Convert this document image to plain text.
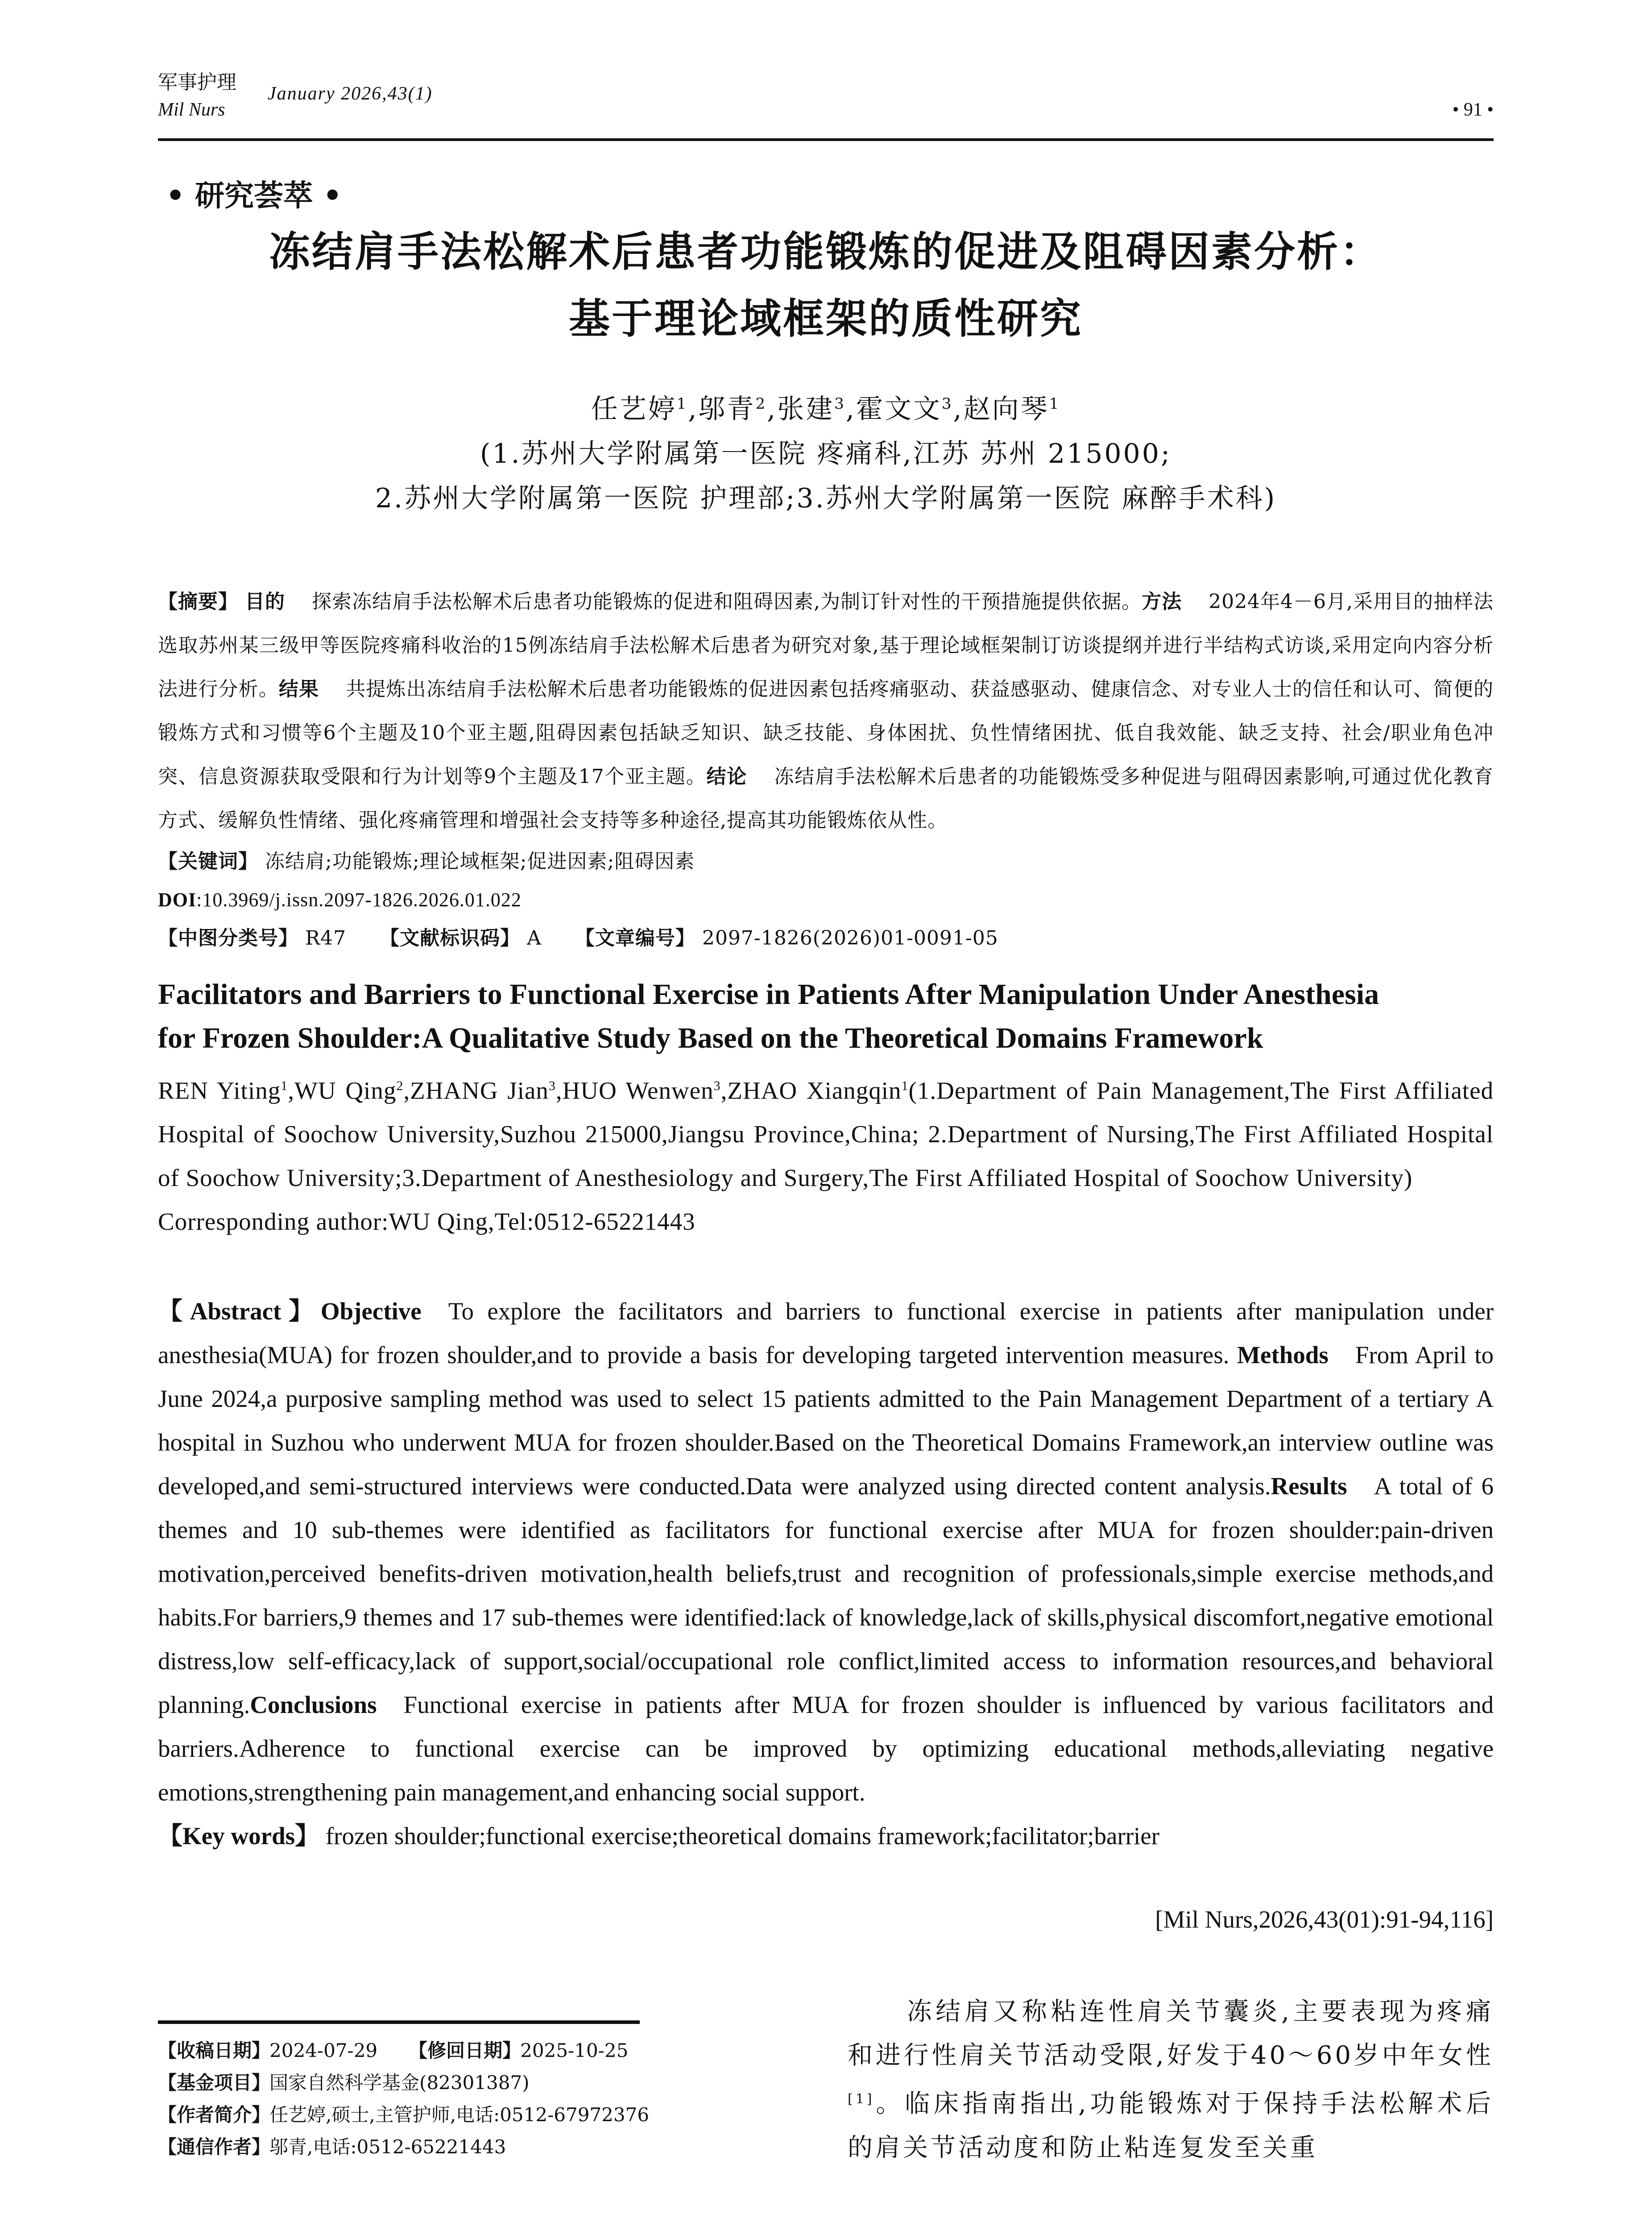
军事护理 January 2026,43(1)
Mil Nurs	• 91 •
• 研究荟萃 •
冻结肩手法松解术后患者功能锻炼的促进及阻碍因素分析：
基于理论域框架的质性研究
任艺婷$^1$,邬青$^2$,张建$^3$,霍文文$^3$,赵向琴$^1$
(1.苏州大学附属第一医院 疼痛科,江苏 苏州 215000;
2.苏州大学附属第一医院 护理部;3.苏州大学附属第一医院 麻醉手术科)
【摘要】 目的 探索冻结肩手法松解术后患者功能锻炼的促进和阻碍因素,为制订针对性的干预措施提供依据。方法 2024年4－6月,采用目的抽样法选取苏州某三级甲等医院疼痛科收治的15例冻结肩手法松解术后患者为研究对象,基于理论域框架制订访谈提纲并进行半结构式访谈,采用定向内容分析法进行分析。结果 共提炼出冻结肩手法松解术后患者功能锻炼的促进因素包括疼痛驱动、获益感驱动、健康信念、对专业人士的信任和认可、简便的锻炼方式和习惯等6个主题及10个亚主题,阻碍因素包括缺乏知识、缺乏技能、身体困扰、负性情绪困扰、低自我效能、缺乏支持、社会/职业角色冲突、信息资源获取受限和行为计划等9个主题及17个亚主题。结论 冻结肩手法松解术后患者的功能锻炼受多种促进与阻碍因素影响,可通过优化教育方式、缓解负性情绪、强化疼痛管理和增强社会支持等多种途径,提高其功能锻炼依从性。
【关键词】 冻结肩;功能锻炼;理论域框架;促进因素;阻碍因素
DOI:10.3969/j.issn.2097-1826.2026.01.022
【中图分类号】 R47 【文献标识码】 A 【文章编号】 2097-1826(2026)01-0091-05
Facilitators and Barriers to Functional Exercise in Patients After Manipulation Under Anesthesia
for Frozen Shoulder:A Qualitative Study Based on the Theoretical Domains Framework
REN Yiting$^1$,WU Qing$^2$,ZHANG Jian$^3$,HUO Wenwen$^3$,ZHAO Xiangqin$^1$(1.Department of Pain Management,The First Affiliated Hospital of Soochow University,Suzhou 215000,Jiangsu Province,China; 2.Department of Nursing,The First Affiliated Hospital of Soochow University;3.Department of Anesthesiology and Surgery,The First Affiliated Hospital of Soochow University)
Corresponding author:WU Qing,Tel:0512-65221443
【Abstract】Objective To explore the facilitators and barriers to functional exercise in patients after manipulation under anesthesia(MUA) for frozen shoulder,and to provide a basis for developing targeted intervention measures. Methods From April to June 2024,a purposive sampling method was used to select 15 patients admitted to the Pain Management Department of a tertiary A hospital in Suzhou who underwent MUA for frozen shoulder.Based on the Theoretical Domains Framework,an interview outline was developed,and semi-structured interviews were conducted.Data were analyzed using directed content analysis.Results A total of 6 themes and 10 sub-themes were identified as facilitators for functional exercise after MUA for frozen shoulder:pain-driven motivation,perceived benefits-driven motivation,health beliefs,trust and recognition of professionals,simple exercise methods,and habits.For barriers,9 themes and 17 sub-themes were identified:lack of knowledge,lack of skills,physical discomfort,negative emotional distress,low self-efficacy,lack of support,social/occupational role conflict,limited access to information resources,and behavioral planning.Conclusions Functional exercise in patients after MUA for frozen shoulder is influenced by various facilitators and barriers.Adherence to functional exercise can be improved by optimizing educational methods,alleviating negative emotions,strengthening pain management,and enhancing social support.
【Key words】 frozen shoulder;functional exercise;theoretical domains framework;facilitator;barrier
[Mil Nurs,2026,43(01):91-94,116]
【收稿日期】2024-07-29 【修回日期】2025-10-25
【基金项目】国家自然科学基金(82301387)
【作者简介】任艺婷,硕士,主管护师,电话:0512-67972376
【通信作者】邬青,电话:0512-65221443
冻结肩又称粘连性肩关节囊炎,主要表现为疼痛和进行性肩关节活动受限,好发于40～60岁中年女性[1]。临床指南指出,功能锻炼对于保持手法松解术后的肩关节活动度和防止粘连复发至关重
